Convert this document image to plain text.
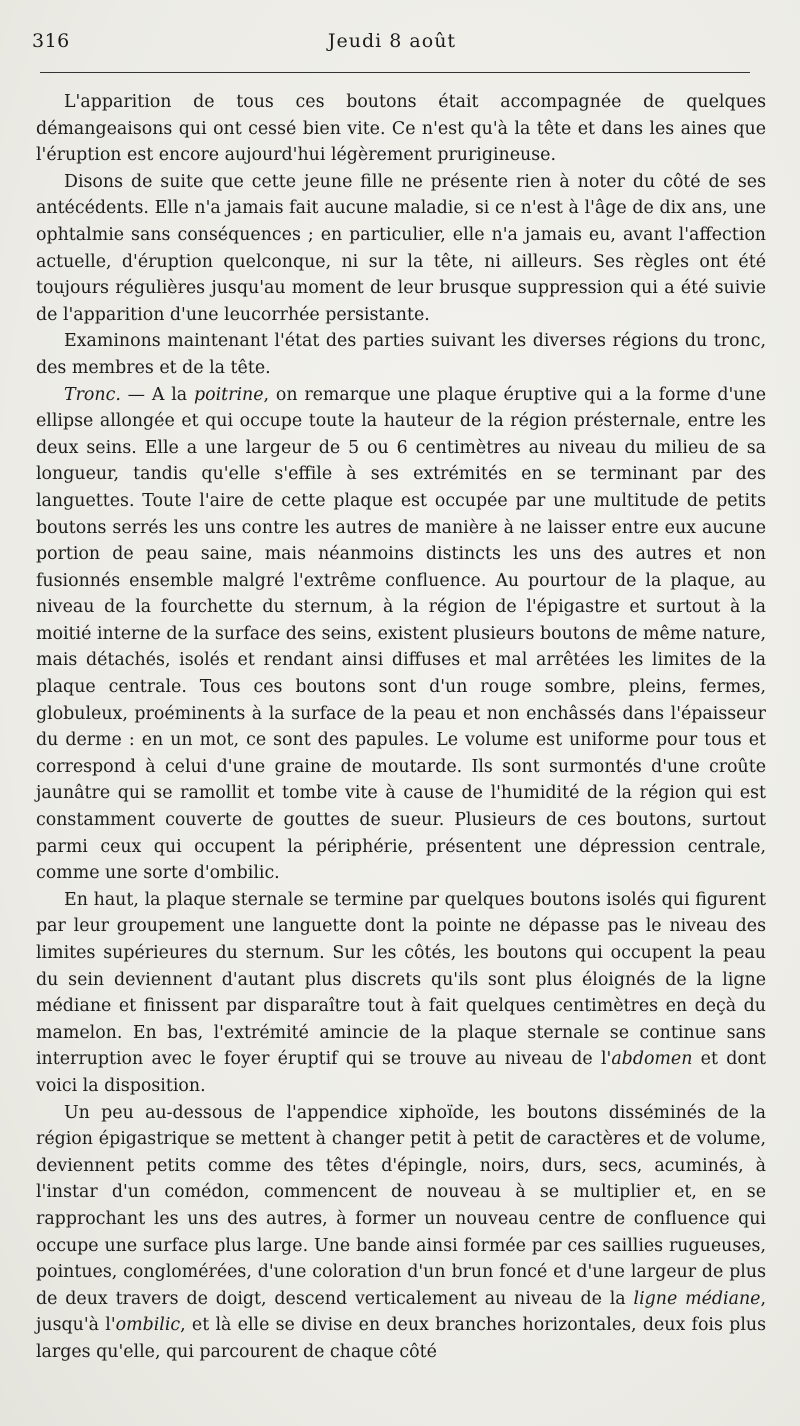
316	Jeudi 8 août

L'apparition de tous ces boutons était accompagnée de quelques démangeaisons qui ont cessé bien vite. Ce n'est qu'à la tête et dans les aines que l'éruption est encore aujourd'hui légèrement prurigineuse.

Disons de suite que cette jeune fille ne présente rien à noter du côté de ses antécédents. Elle n'a jamais fait aucune maladie, si ce n'est à l'âge de dix ans, une ophtalmie sans conséquences ; en particulier, elle n'a jamais eu, avant l'affection actuelle, d'éruption quelconque, ni sur la tête, ni ailleurs. Ses règles ont été toujours régulières jusqu'au moment de leur brusque suppression qui a été suivie de l'apparition d'une leucorrhée persistante.

Examinons maintenant l'état des parties suivant les diverses régions du tronc, des membres et de la tête.

Tronc. — A la poitrine, on remarque une plaque éruptive qui a la forme d'une ellipse allongée et qui occupe toute la hauteur de la région présternale, entre les deux seins. Elle a une largeur de 5 ou 6 centimètres au niveau du milieu de sa longueur, tandis qu'elle s'effile à ses extrémités en se terminant par des languettes. Toute l'aire de cette plaque est occupée par une multitude de petits boutons serrés les uns contre les autres de manière à ne laisser entre eux aucune portion de peau saine, mais néanmoins distincts les uns des autres et non fusionnés ensemble malgré l'extrême confluence. Au pourtour de la plaque, au niveau de la fourchette du sternum, à la région de l'épigastre et surtout à la moitié interne de la surface des seins, existent plusieurs boutons de même nature, mais détachés, isolés et rendant ainsi diffuses et mal arrêtées les limites de la plaque centrale. Tous ces boutons sont d'un rouge sombre, pleins, fermes, globuleux, proéminents à la surface de la peau et non enchâssés dans l'épaisseur du derme : en un mot, ce sont des papules. Le volume est uniforme pour tous et correspond à celui d'une graine de moutarde. Ils sont surmontés d'une croûte jaunâtre qui se ramollit et tombe vite à cause de l'humidité de la région qui est constamment couverte de gouttes de sueur. Plusieurs de ces boutons, surtout parmi ceux qui occupent la périphérie, présentent une dépression centrale, comme une sorte d'ombilic.

En haut, la plaque sternale se termine par quelques boutons isolés qui figurent par leur groupement une languette dont la pointe ne dépasse pas le niveau des limites supérieures du sternum. Sur les côtés, les boutons qui occupent la peau du sein deviennent d'autant plus discrets qu'ils sont plus éloignés de la ligne médiane et finissent par disparaître tout à fait quelques centimètres en deçà du mamelon. En bas, l'extrémité amincie de la plaque sternale se continue sans interruption avec le foyer éruptif qui se trouve au niveau de l'abdomen et dont voici la disposition.

Un peu au-dessous de l'appendice xiphoïde, les boutons disséminés de la région épigastrique se mettent à changer petit à petit de caractères et de volume, deviennent petits comme des têtes d'épingle, noirs, durs, secs, acuminés, à l'instar d'un comédon, commencent de nouveau à se multiplier et, en se rapprochant les uns des autres, à former un nouveau centre de confluence qui occupe une surface plus large. Une bande ainsi formée par ces saillies rugueuses, pointues, conglomérées, d'une coloration d'un brun foncé et d'une largeur de plus de deux travers de doigt, descend verticalement au niveau de la ligne médiane, jusqu'à l'ombilic, et là elle se divise en deux branches horizontales, deux fois plus larges qu'elle, qui parcourent de chaque côté
